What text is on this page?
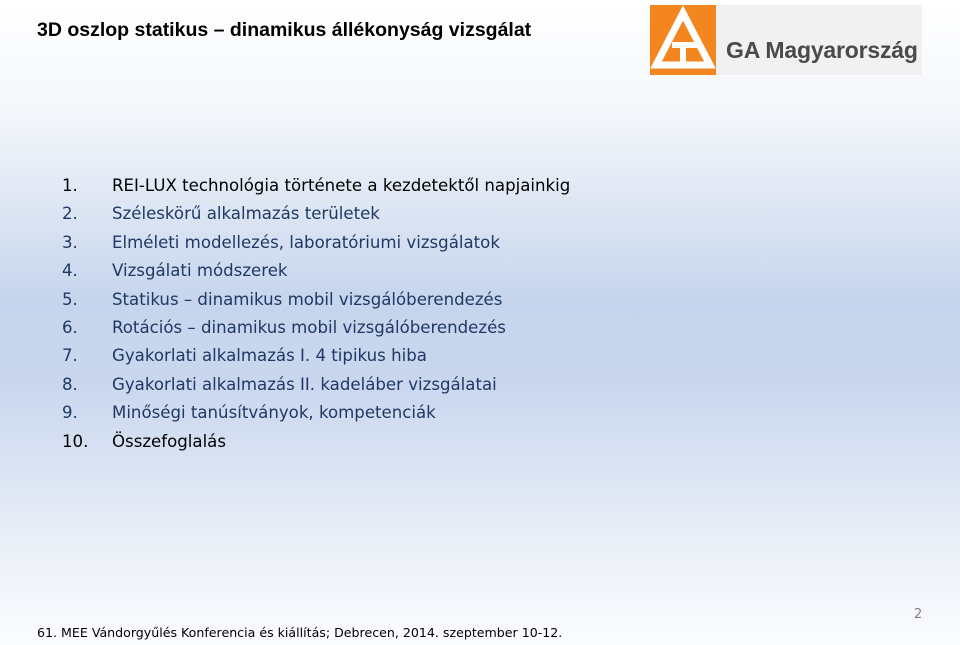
3D oszlop statikus – dinamikus állékonyság vizsgálat
GA Magyarország
1. REI-LUX technológia története a kezdetektől napjainkig
2. Széleskörű alkalmazás területek
3. Elméleti modellezés, laboratóriumi vizsgálatok
4. Vizsgálati módszerek
5. Statikus – dinamikus mobil vizsgálóberendezés
6. Rotációs – dinamikus mobil vizsgálóberendezés
7. Gyakorlati alkalmazás I. 4 tipikus hiba
8. Gyakorlati alkalmazás II. kadeláber vizsgálatai
9. Minőségi tanúsítványok, kompetenciák
10. Összefoglalás
2
61. MEE Vándorgyűlés Konferencia és kiállítás; Debrecen, 2014. szeptember 10-12.
